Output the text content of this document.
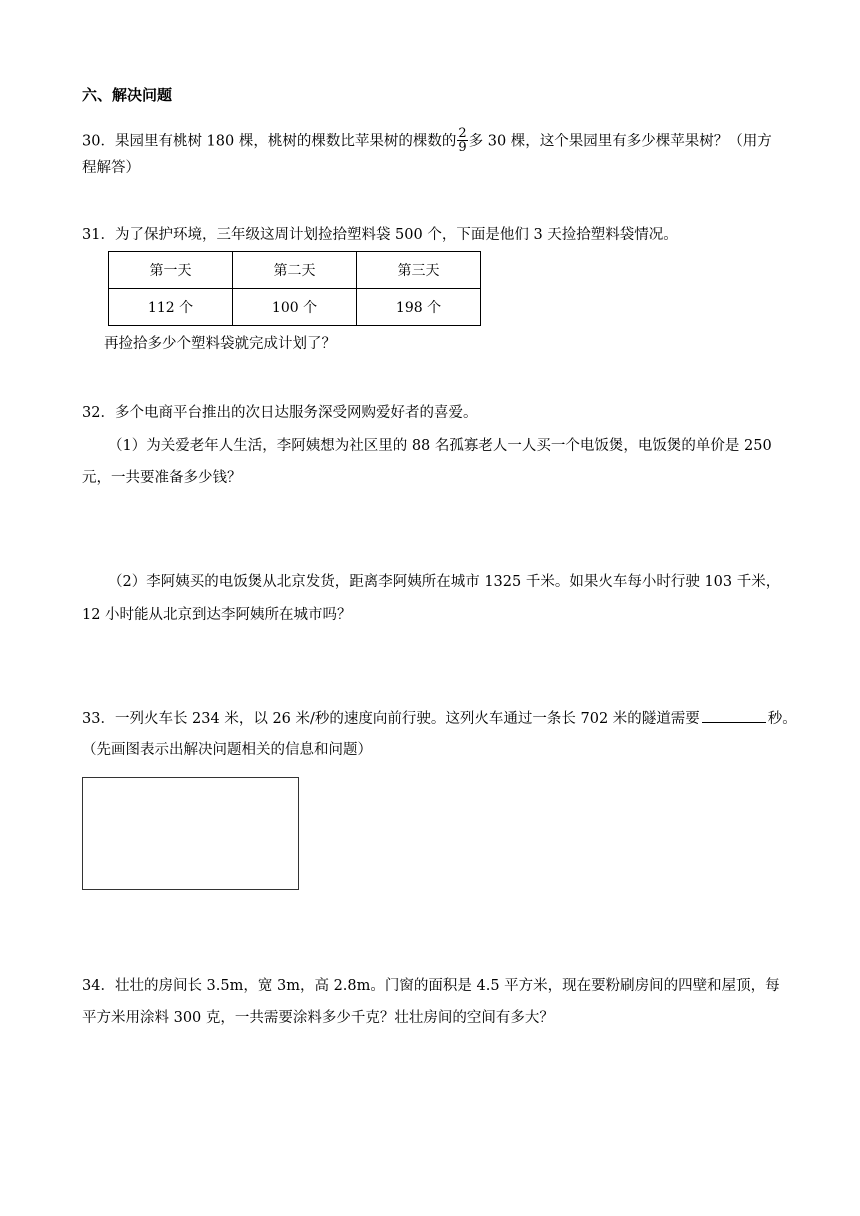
六、解决问题
30．果园里有桃树 180 棵，桃树的棵数比苹果树的棵数的 $\frac{2}{9}$ 多 30 棵，这个果园里有多少棵苹果树？（用方
程解答）
31．为了保护环境，三年级这周计划捡拾塑料袋 500 个，下面是他们 3 天捡拾塑料袋情况。
第一天	第二天	第三天
112 个	100 个	198 个
再捡拾多少个塑料袋就完成计划了？
32．多个电商平台推出的次日达服务深受网购爱好者的喜爱。
（1）为关爱老年人生活，李阿姨想为社区里的 88 名孤寡老人一人买一个电饭煲，电饭煲的单价是 250
元，一共要准备多少钱？
（2）李阿姨买的电饭煲从北京发货，距离李阿姨所在城市 1325 千米。如果火车每小时行驶 103 千米，
12 小时能从北京到达李阿姨所在城市吗？
33．一列火车长 234 米，以 26 米/秒的速度向前行驶。这列火车通过一条长 702 米的隧道需要	秒。
（先画图表示出解决问题相关的信息和问题）
34．壮壮的房间长 3.5m，宽 3m，高 2.8m。门窗的面积是 4.5 平方米，现在要粉刷房间的四壁和屋顶，每
平方米用涂料 300 克，一共需要涂料多少千克？壮壮房间的空间有多大？
